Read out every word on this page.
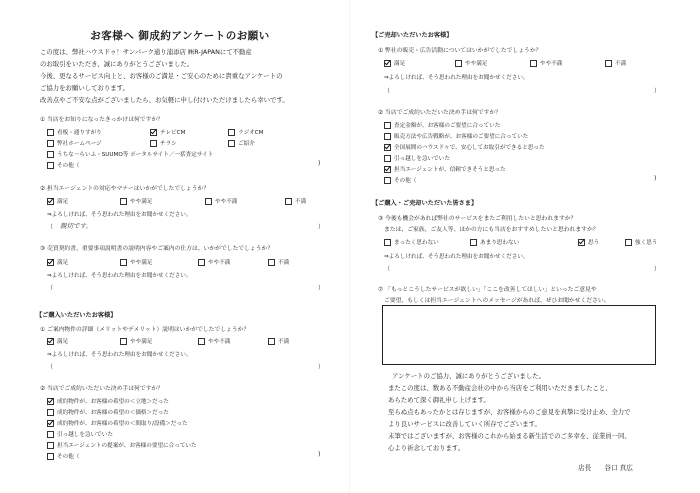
お客様へ 御成約アンケートのお願い
この度は、弊社ハウスドゥ！サンパーク通り浦添店 ㈱R-JAPANにて不動産
のお取引をいただき、誠にありがとうございました。
今後、更なるサービス向上と、お客様のご満足・ご安心のために貴重なアンケートの
ご協力をお願いしております。
改善点やご不安な点がございましたら、お気軽に申し付けいただけましたら幸いです。
① 当店をお知りになったきっかけは何ですか？
看板・通りすがり	テレビCM	ラジオCM
弊社ホームページ	チラシ	ご紹介
うちな～らいふ・SUUMO等 ポータルサイト／一括査定サイト
その他（	)
② 担当エージェントの対応やマナーはいかがでしたでしょうか？
満足	やや満足	やや不満	不満
⇒よろしければ、そう思われた理由をお聞かせください。
（ 親切です。	）
③ 売買契約書、重要事項説明書の説明内容やご案内の仕方は、いかがでしたでしょうか？
満足	やや満足	やや不満	不満
⇒よろしければ、そう思われた理由をお聞かせください。
（	）
【ご購入いただいたお客様】
① ご案内物件の詳細（メリットやデメリット）説明はいかがでしたでしょうか？
満足	やや満足	やや不満	不満
⇒よろしければ、そう思われた理由をお聞かせください。
（	）
② 当店でご成約いただいた決め手は何ですか？
成約物件が、お客様の希望の＜立地＞だった
成約物件が、お客様の希望の＜価格＞だった
成約物件が、お客様の希望の＜間取り/設備＞だった
引っ越しを急いでいた
担当エージェントの提案が、お客様の要望に合っていた
その他（	)
【ご売却いただいたお客様】
① 弊社の販売・広告活動についてはいかがでしたでしょうか？
満足	やや満足	やや不満	不満
⇒よろしければ、そう思われた理由をお聞かせください。
（	）
② 当店でご成約いただいた決め手は何ですか？
査定金額が、お客様のご要望に合っていた
販売方法や広告戦略が、お客様のご要望に合っていた
全国展開のハウスドゥで、安心してお取引ができると思った
引っ越しを急いでいた
担当エージェントが、信頼できそうと思った
その他（	)
【ご購入・ご売却いただいた皆さま】
③ 今後も機会があれば弊社のサービスをまたご利用したいと思われますか？
または、ご家族、ご友人等、ほかの方にも当店をおすすめしたいと思われますか？
まったく思わない	あまり思わない	思う	強く思う
⇒よろしければ、そう思われた理由をお聞かせください。
（	）
⑦ 「もっとこうしたサービスが欲しい」「ここを改善してほしい」といったご意見や
ご要望、もしくは担当エージェントへのメッセージがあれば、ぜひお聞かせください。
アンケートのご協力、誠にありがとうございました。
またこの度は、数ある不動産会社の中から当店をご利用いただきましたこと、
あらためて深く御礼申し上げます。
至らぬ点もあったかとは存じますが、お客様からのご意見を真摯に受け止め、全力で
より良いサービスに改善していく所存でございます。
末筆ではございますが、お客様のこれから始まる新生活でのご多幸を、従業員一同、
心より祈念しております。
店長　　谷口 真広
